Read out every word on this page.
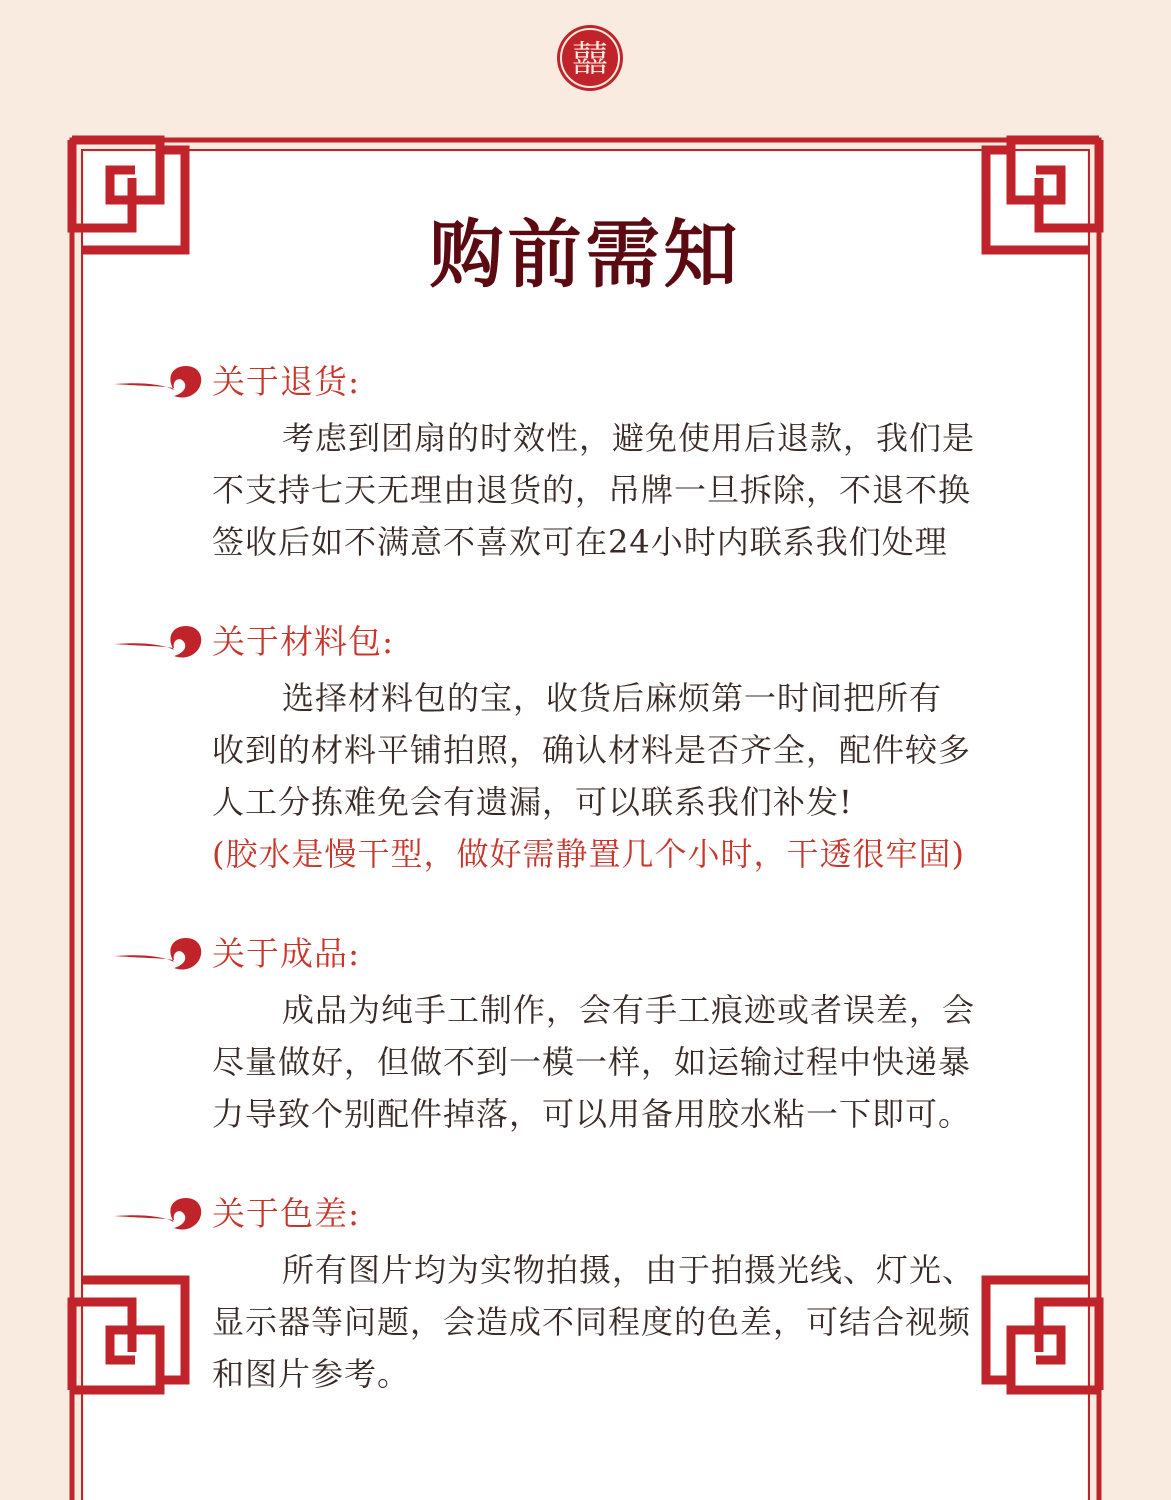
囍
购前需知
关于退货:
考虑到团扇的时效性，避免使用后退款，我们是
不支持七天无理由退货的，吊牌一旦拆除，不退不换
签收后如不满意不喜欢可在24小时内联系我们处理
关于材料包:
选择材料包的宝，收货后麻烦第一时间把所有
收到的材料平铺拍照，确认材料是否齐全，配件较多
人工分拣难免会有遗漏，可以联系我们补发!
(胶水是慢干型，做好需静置几个小时，干透很牢固)
关于成品:
成品为纯手工制作，会有手工痕迹或者误差，会
尽量做好，但做不到一模一样，如运输过程中快递暴
力导致个别配件掉落，可以用备用胶水粘一下即可。
关于色差:
所有图片均为实物拍摄，由于拍摄光线、灯光、
显示器等问题，会造成不同程度的色差，可结合视频
和图片参考。
